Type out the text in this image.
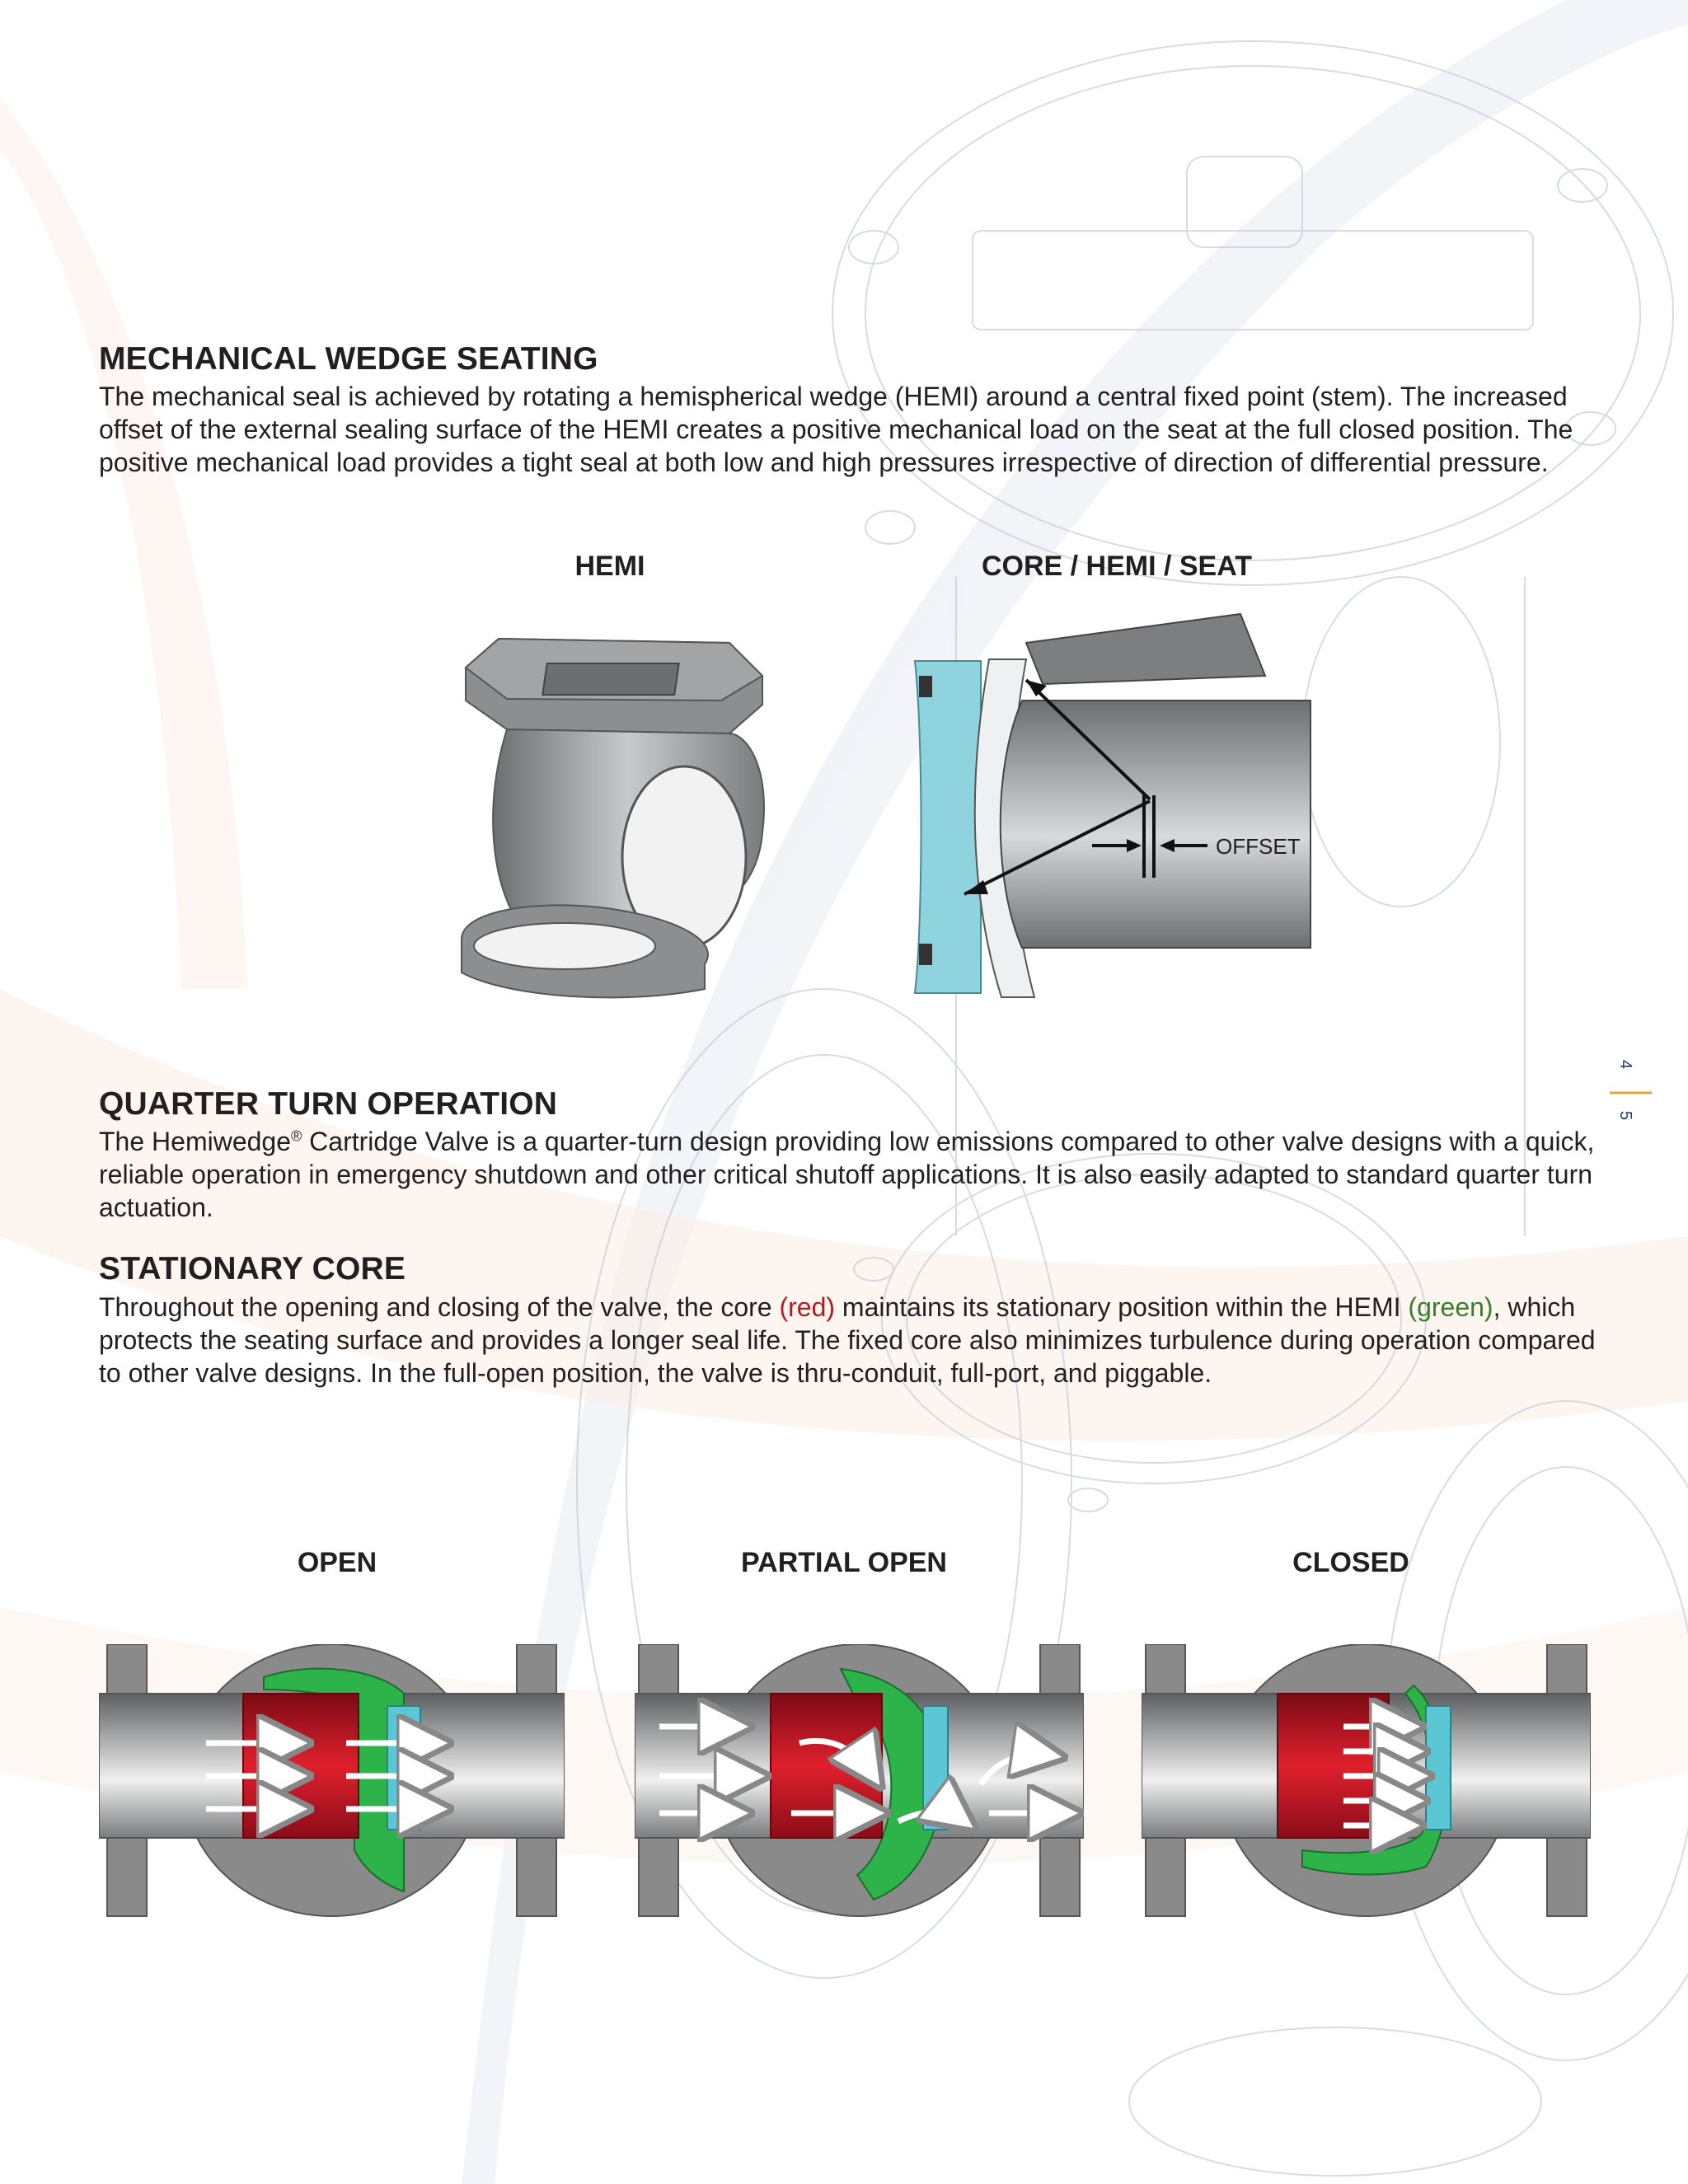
4
5
MECHANICAL WEDGE SEATING

The mechanical seal is achieved by rotating a hemispherical wedge (HEMI) around a central fixed point (stem). The increased offset of the external sealing surface of the HEMI creates a positive mechanical load on the seat at the full closed position. The positive mechanical load provides a tight seal at both low and high pressures irrespective of direction of differential pressure.

HEMI	CORE / HEMI / SEAT
OFFSET
QUARTER TURN OPERATION

The Hemiwedge® Cartridge Valve is a quarter-turn design providing low emissions compared to other valve designs with a quick, reliable operation in emergency shutdown and other critical shutoff applications. It is also easily adapted to standard quarter turn actuation.

STATIONARY CORE

Throughout the opening and closing of the valve, the core (red) maintains its stationary position within the HEMI (green), which protects the seating surface and provides a longer seal life. The fixed core also minimizes turbulence during operation compared to other valve designs. In the full-open position, the valve is thru-conduit, full-port, and piggable.

OPEN	PARTIAL OPEN	CLOSED
